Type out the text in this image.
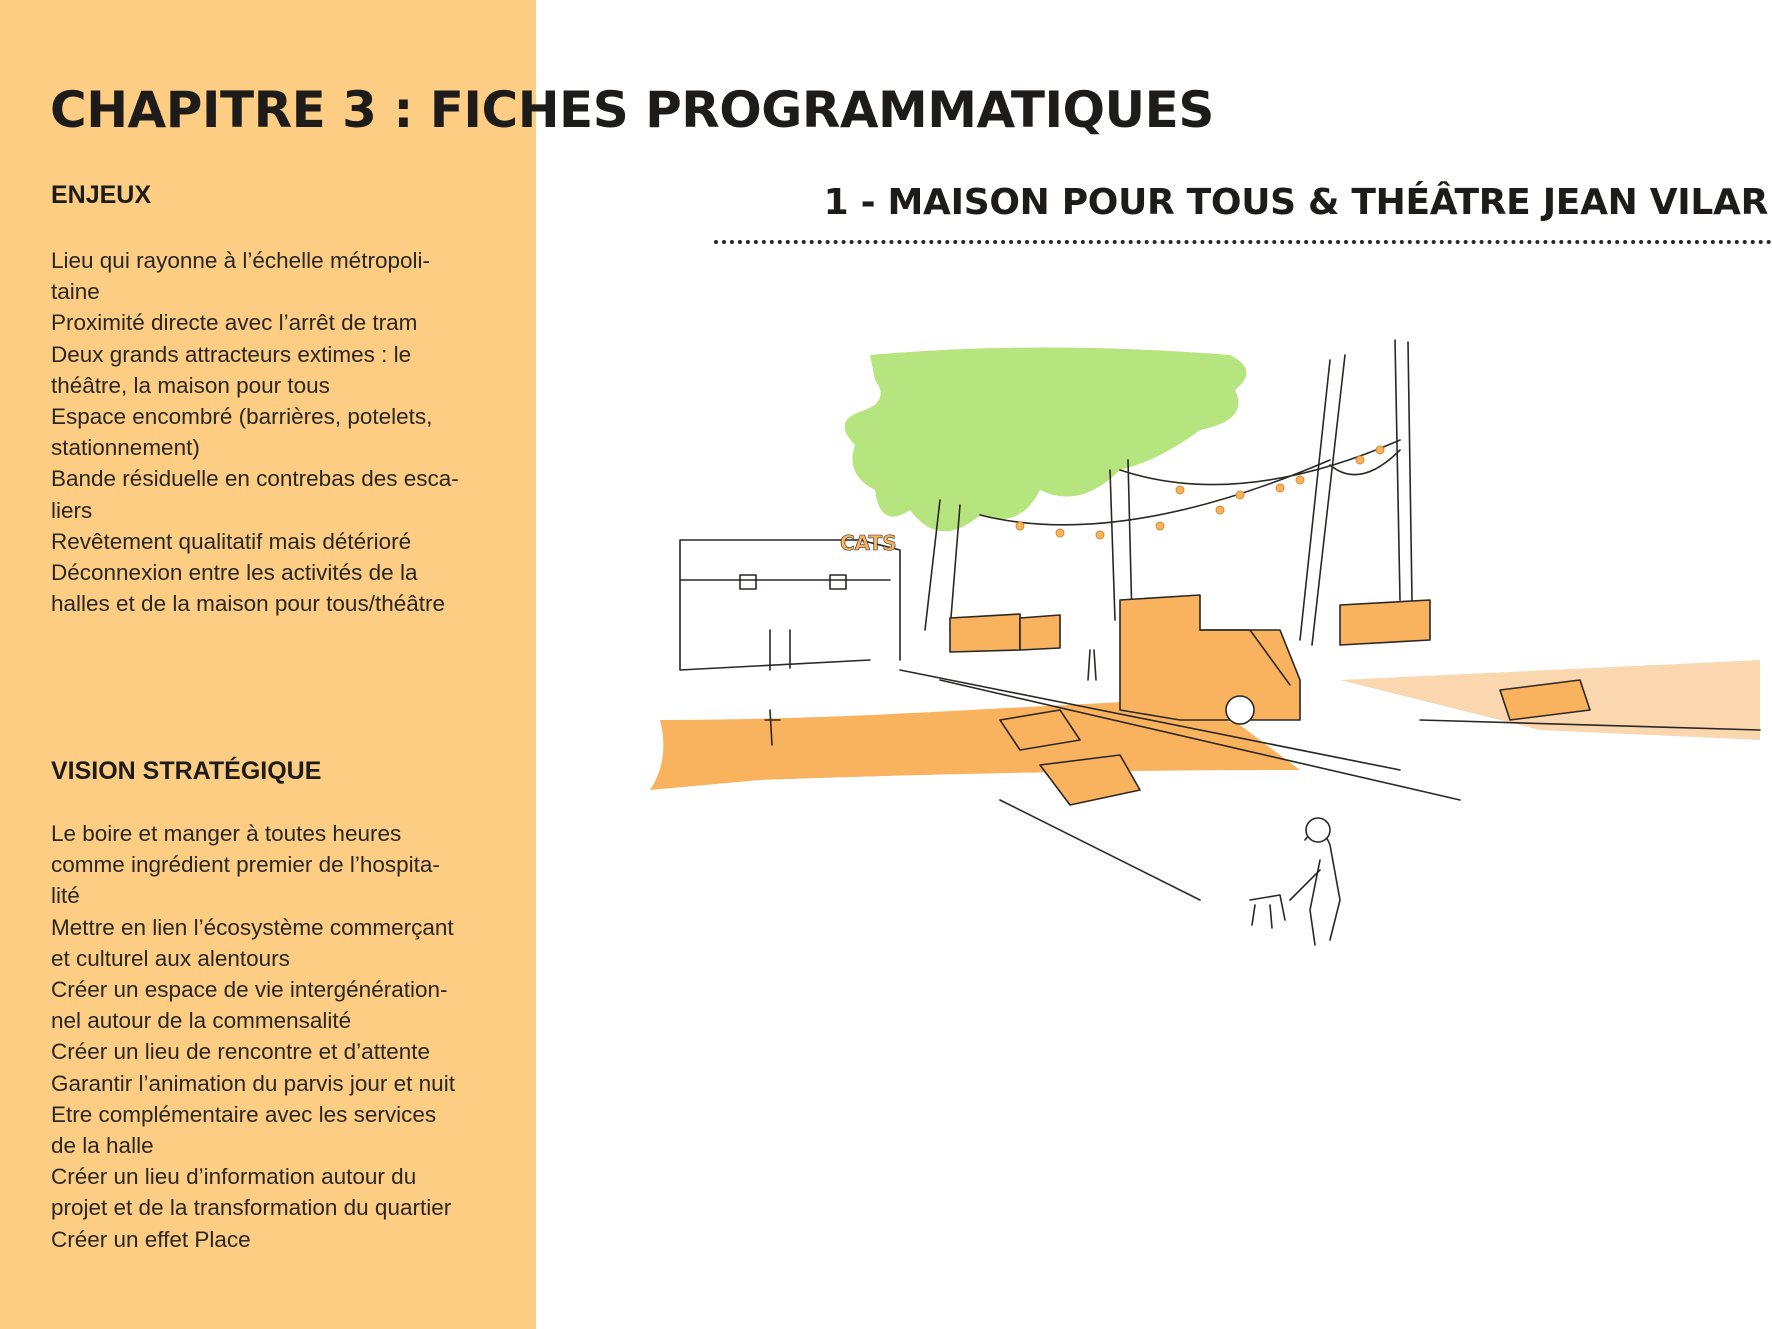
CHAPITRE 3 : FICHES PROGRAMMATIQUES
ENJEUX

Lieu qui rayonne à l’échelle métropoli-
taine
Proximité directe avec l’arrêt de tram
Deux grands attracteurs extimes : le
théâtre, la maison pour tous
Espace encombré (barrières, potelets,
stationnement)
Bande résiduelle en contrebas des esca-
liers
Revêtement qualitatif mais détérioré
Déconnexion entre les activités de la
halles et de la maison pour tous/théâtre

VISION STRATÉGIQUE

Le boire et manger à toutes heures
comme ingrédient premier de l’hospita-
lité
Mettre en lien l’écosystème commerçant
et culturel aux alentours
Créer un espace de vie intergénération-
nel autour de la commensalité
Créer un lieu de rencontre et d’attente
Garantir l’animation du parvis jour et nuit
Etre complémentaire avec les services
de la halle
Créer un lieu d’information autour du
projet et de la transformation du quartier
Créer un effet Place

1 - MAISON POUR TOUS & THÉÂTRE JEAN VILAR
CATS
